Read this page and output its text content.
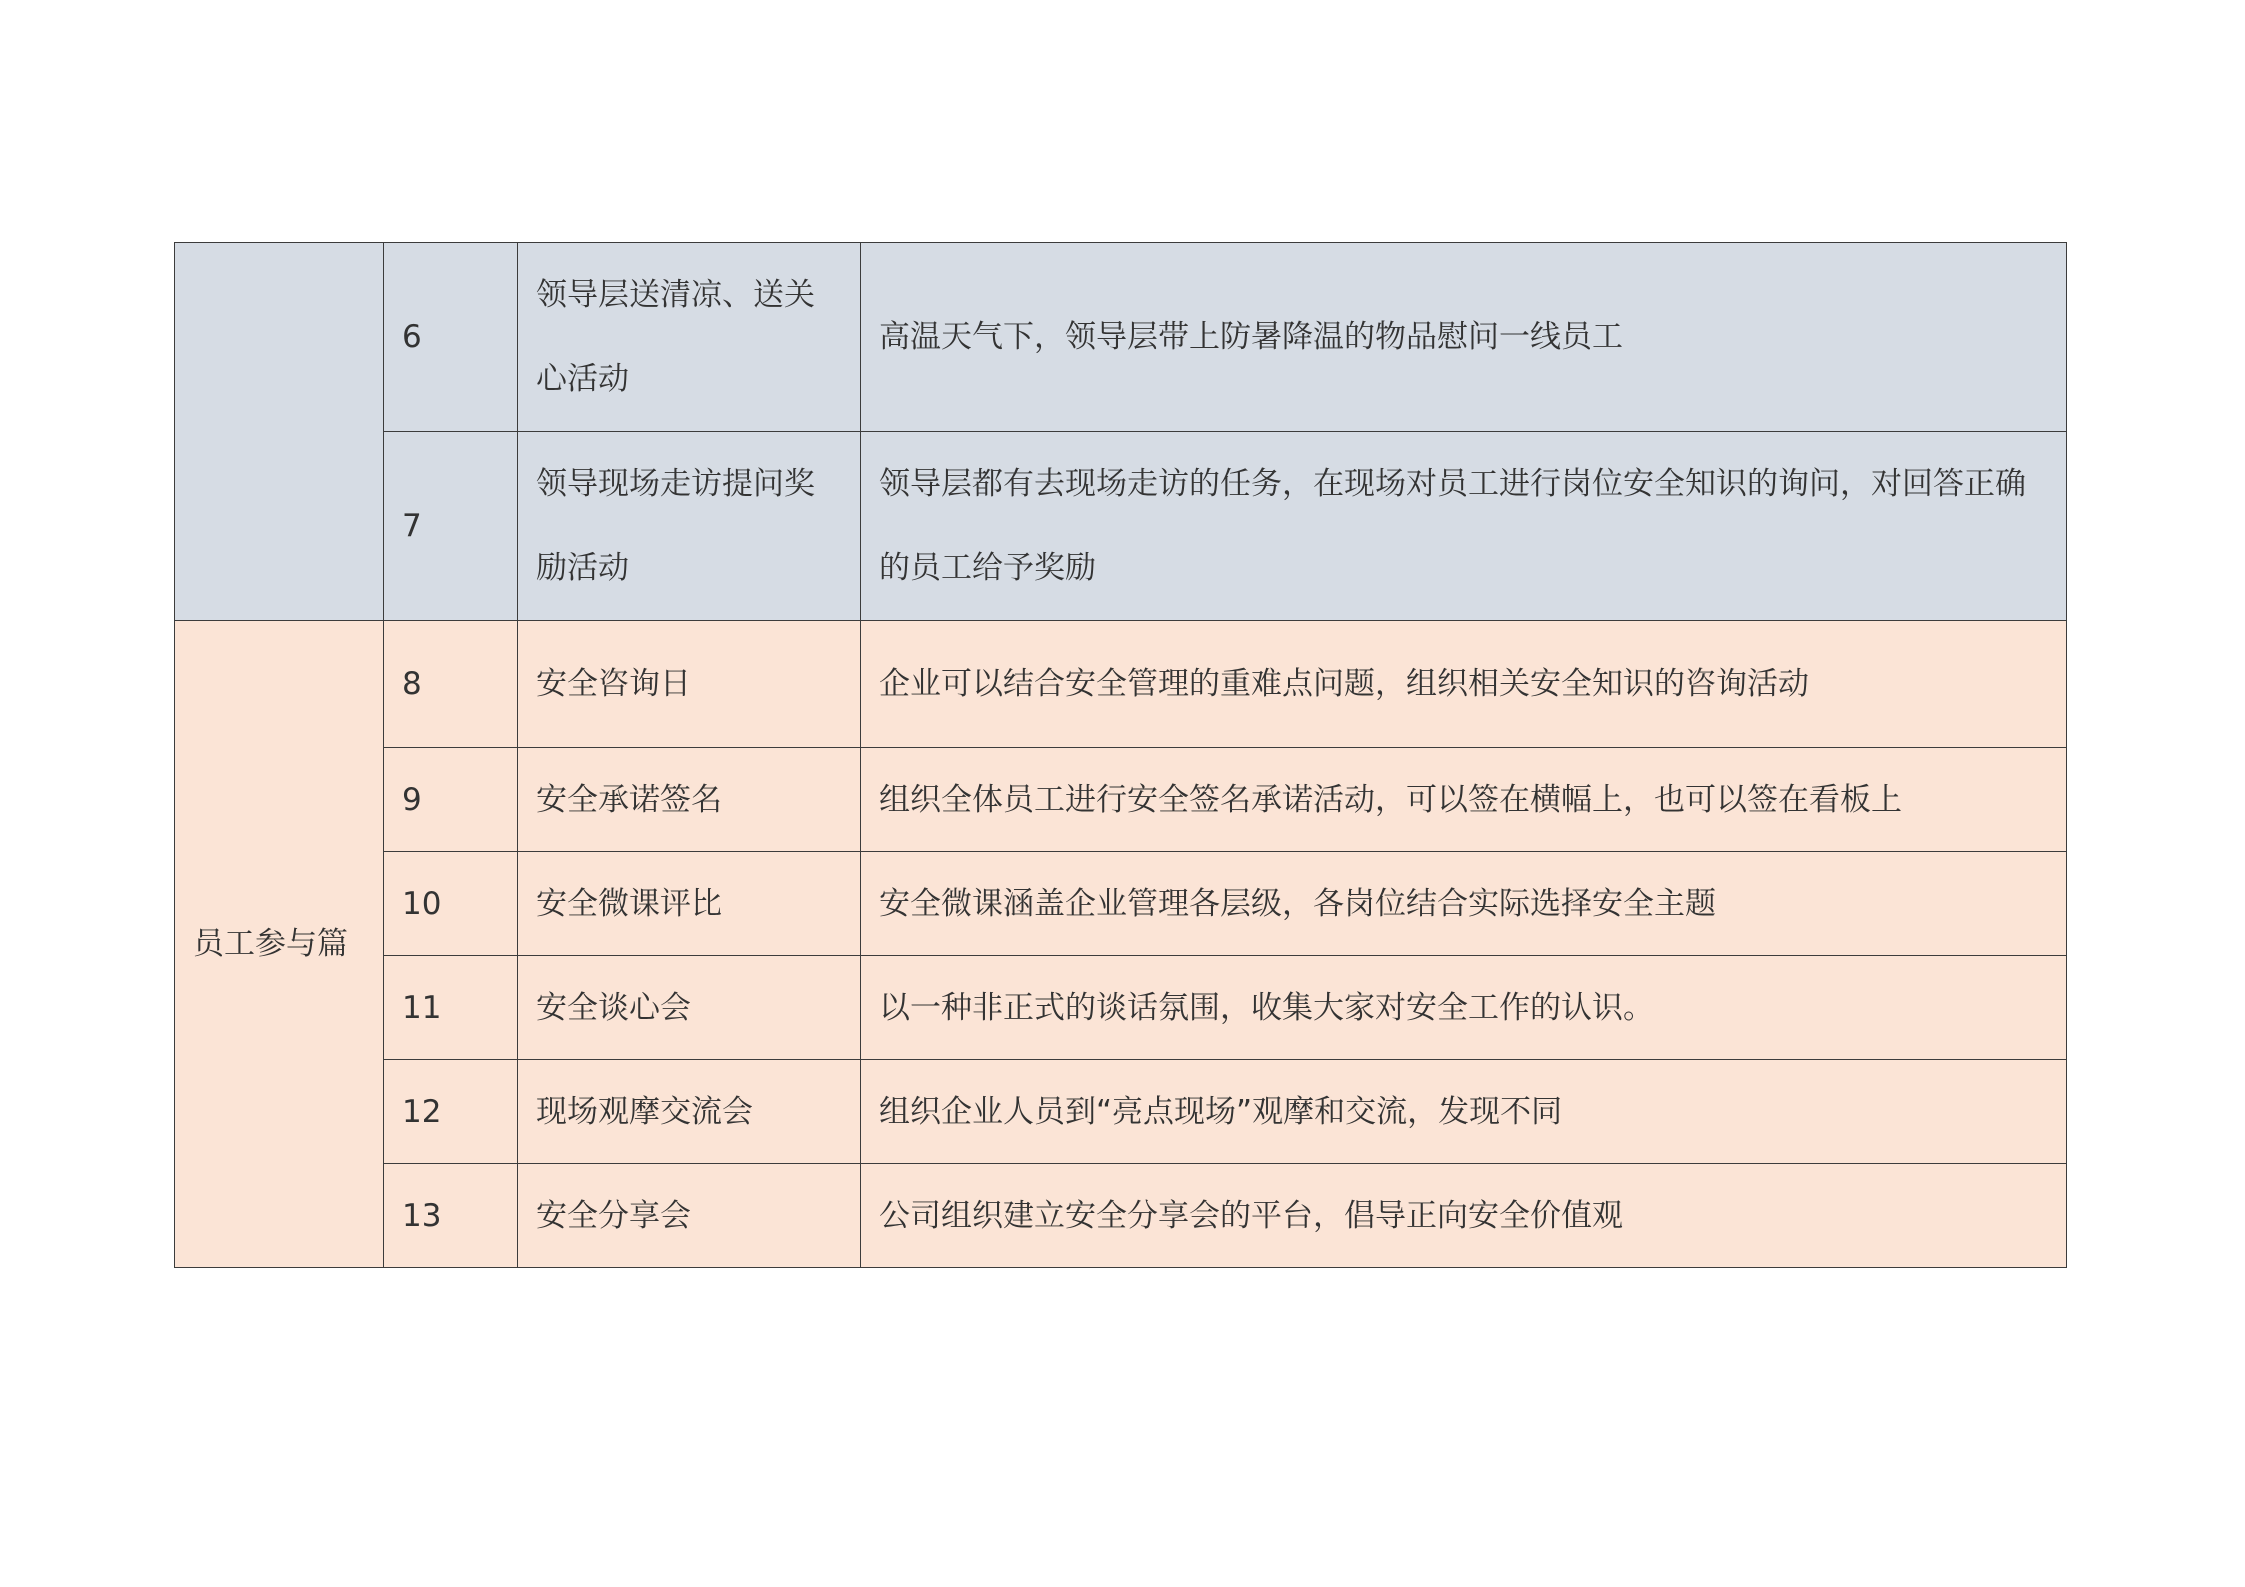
	6	领导层送清凉、送关心活动	高温天气下，领导层带上防暑降温的物品慰问一线员工
	7	领导现场走访提问奖励活动	领导层都有去现场走访的任务，在现场对员工进行岗位安全知识的询问，对回答正确的员工给予奖励
员工参与篇	8	安全咨询日	企业可以结合安全管理的重难点问题，组织相关安全知识的咨询活动
	9	安全承诺签名	组织全体员工进行安全签名承诺活动，可以签在横幅上，也可以签在看板上
	10	安全微课评比	安全微课涵盖企业管理各层级，各岗位结合实际选择安全主题
	11	安全谈心会	以一种非正式的谈话氛围，收集大家对安全工作的认识。
	12	现场观摩交流会	组织企业人员到“亮点现场”观摩和交流，发现不同
	13	安全分享会	公司组织建立安全分享会的平台，倡导正向安全价值观
